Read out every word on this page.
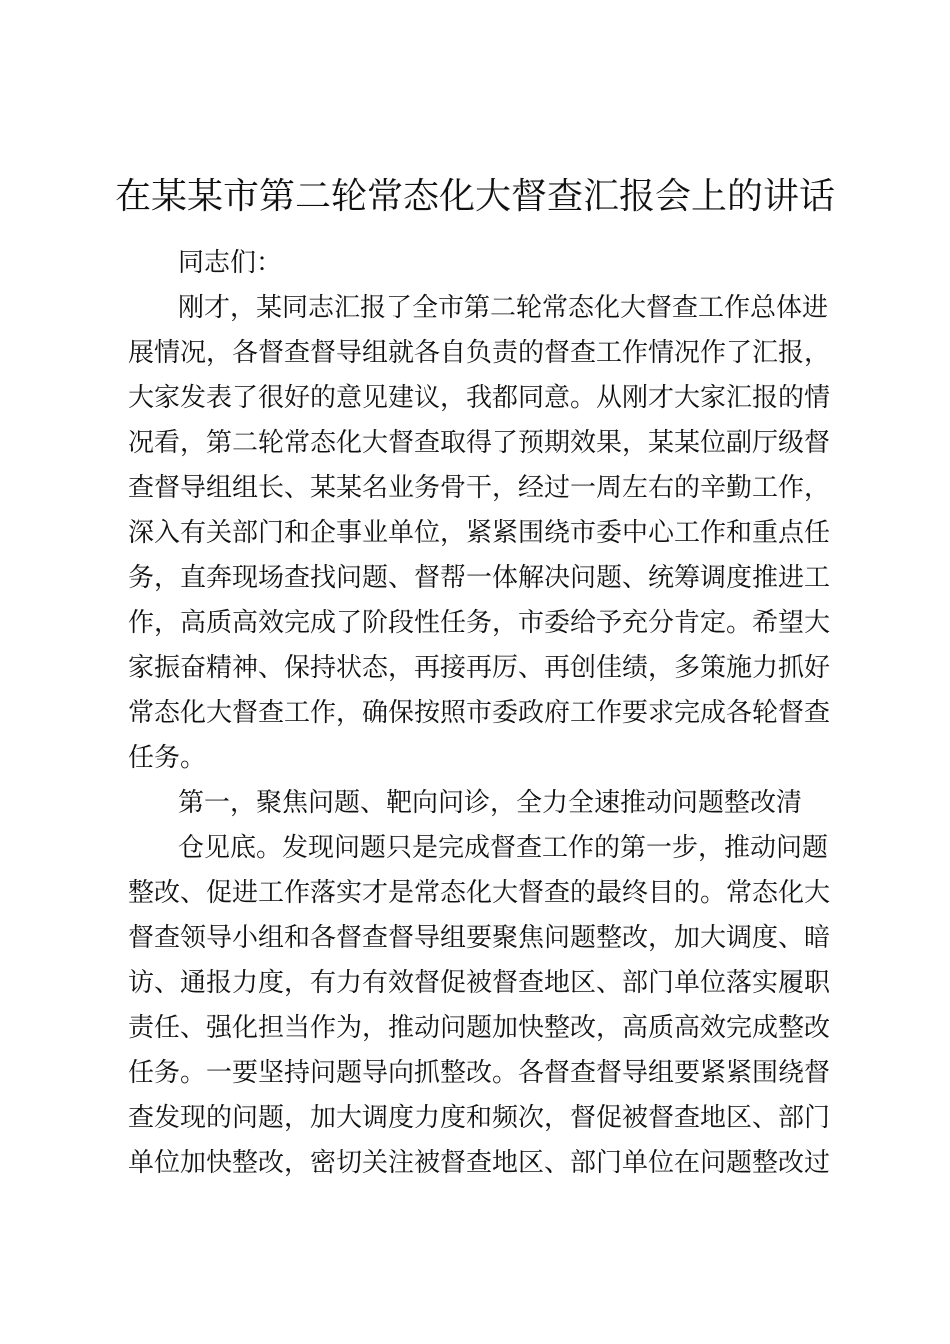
在某某市第二轮常态化大督查汇报会上的讲话
同志们：
刚才，某同志汇报了全市第二轮常态化大督查工作总体进
展情况，各督查督导组就各自负责的督查工作情况作了汇报，
大家发表了很好的意见建议，我都同意。从刚才大家汇报的情
况看，第二轮常态化大督查取得了预期效果，某某位副厅级督
查督导组组长、某某名业务骨干，经过一周左右的辛勤工作，
深入有关部门和企事业单位，紧紧围绕市委中心工作和重点任
务，直奔现场查找问题、督帮一体解决问题、统筹调度推进工
作，高质高效完成了阶段性任务，市委给予充分肯定。希望大
家振奋精神、保持状态，再接再厉、再创佳绩，多策施力抓好
常态化大督查工作，确保按照市委政府工作要求完成各轮督查
任务。
第一，聚焦问题、靶向问诊，全力全速推动问题整改清
仓见底。发现问题只是完成督查工作的第一步，推动问题
整改、促进工作落实才是常态化大督查的最终目的。常态化大
督查领导小组和各督查督导组要聚焦问题整改，加大调度、暗
访、通报力度，有力有效督促被督查地区、部门单位落实履职
责任、强化担当作为，推动问题加快整改，高质高效完成整改
任务。一要坚持问题导向抓整改。各督查督导组要紧紧围绕督
查发现的问题，加大调度力度和频次，督促被督查地区、部门
单位加快整改，密切关注被督查地区、部门单位在问题整改过
